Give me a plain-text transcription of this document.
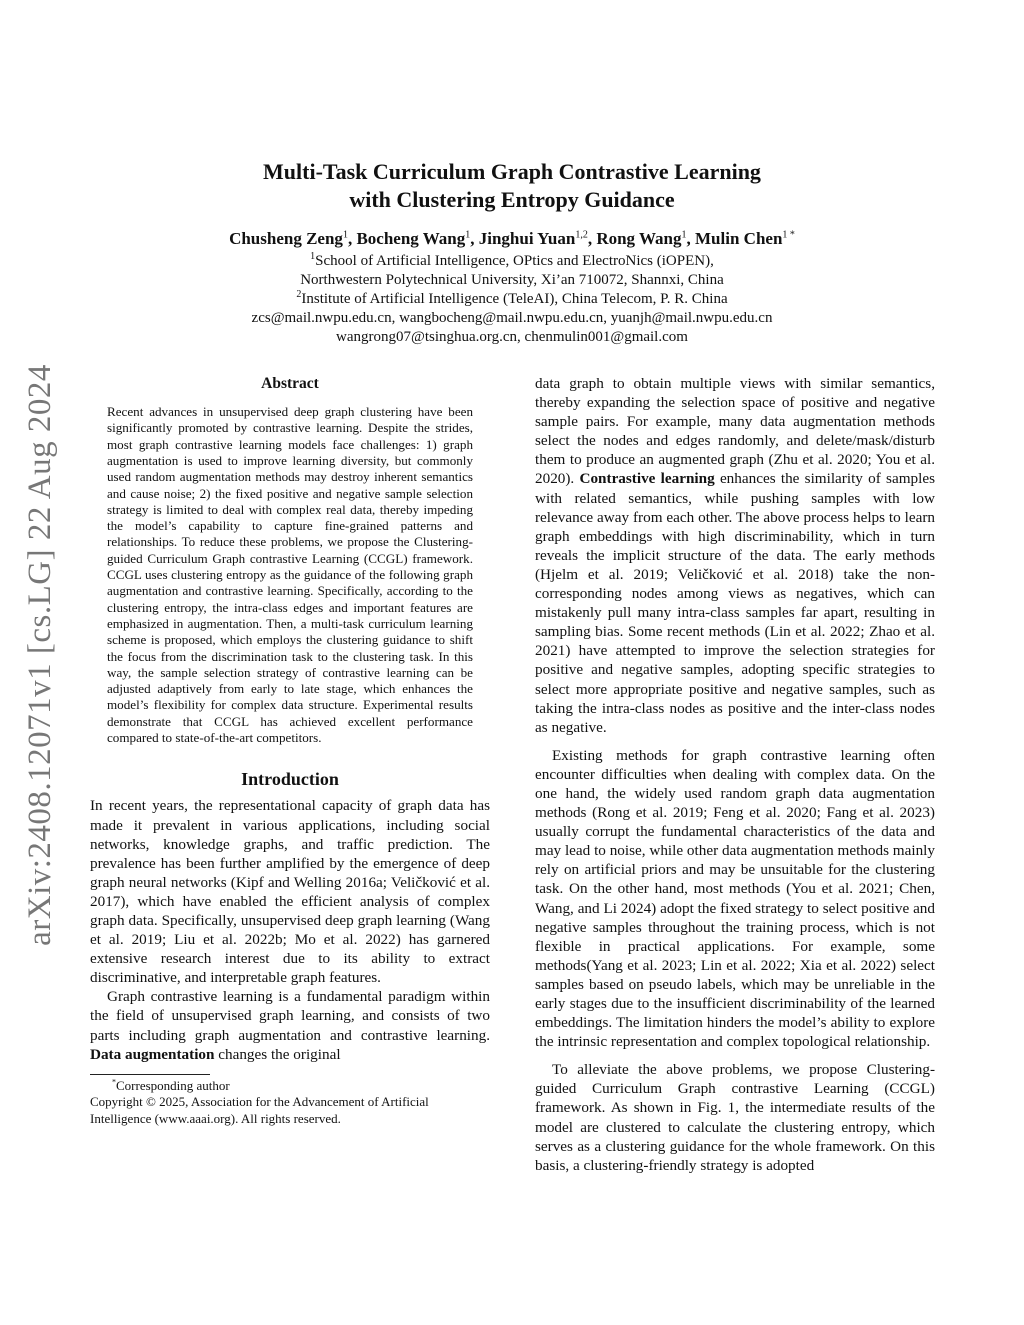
arXiv:2408.12071v1 [cs.LG] 22 Aug 2024
Multi-Task Curriculum Graph Contrastive Learning
with Clustering Entropy Guidance
Chusheng Zeng$^1$, Bocheng Wang$^1$, Jinghui Yuan$^{1,2}$, Rong Wang$^1$, Mulin Chen$^{1 *}$
$^1$School of Artificial Intelligence, OPtics and ElectroNics (iOPEN),
Northwestern Polytechnical University, Xi’an 710072, Shannxi, China
$^2$Institute of Artificial Intelligence (TeleAI), China Telecom, P. R. China
zcs@mail.nwpu.edu.cn, wangbocheng@mail.nwpu.edu.cn, yuanjh@mail.nwpu.edu.cn
wangrong07@tsinghua.org.cn, chenmulin001@gmail.com
Abstract
Recent advances in unsupervised deep graph clustering have been significantly promoted by contrastive learning. Despite the strides, most graph contrastive learning models face challenges: 1) graph augmentation is used to improve learning diversity, but commonly used random augmentation methods may destroy inherent semantics and cause noise; 2) the fixed positive and negative sample selection strategy is limited to deal with complex real data, thereby impeding the model’s capability to capture fine-grained patterns and relationships. To reduce these problems, we propose the Clustering-guided Curriculum Graph contrastive Learning (CCGL) framework. CCGL uses clustering entropy as the guidance of the following graph augmentation and contrastive learning. Specifically, according to the clustering entropy, the intra-class edges and important features are emphasized in augmentation. Then, a multi-task curriculum learning scheme is proposed, which employs the clustering guidance to shift the focus from the discrimination task to the clustering task. In this way, the sample selection strategy of contrastive learning can be adjusted adaptively from early to late stage, which enhances the model’s flexibility for complex data structure. Experimental results demonstrate that CCGL has achieved excellent performance compared to state-of-the-art competitors.
Introduction

In recent years, the representational capacity of graph data has made it prevalent in various applications, including social networks, knowledge graphs, and traffic prediction. The prevalence has been further amplified by the emergence of deep graph neural networks (Kipf and Welling 2016a; Veličković et al. 2017), which have enabled the efficient analysis of complex graph data. Specifically, unsupervised deep graph learning (Wang et al. 2019; Liu et al. 2022b; Mo et al. 2022) has garnered extensive research interest due to its ability to extract discriminative, and interpretable graph features.

Graph contrastive learning is a fundamental paradigm within the field of unsupervised graph learning, and consists of two parts including graph augmentation and contrastive learning. Data augmentation changes the original

*Corresponding author
Copyright © 2025, Association for the Advancement of Artificial Intelligence (www.aaai.org). All rights reserved.

data graph to obtain multiple views with similar semantics, thereby expanding the selection space of positive and negative sample pairs. For example, many data augmentation methods select the nodes and edges randomly, and delete/mask/disturb them to produce an augmented graph (Zhu et al. 2020; You et al. 2020). Contrastive learning enhances the similarity of samples with related semantics, while pushing samples with low relevance away from each other. The above process helps to learn graph embeddings with high discriminability, which in turn reveals the implicit structure of the data. The early methods (Hjelm et al. 2019; Veličković et al. 2018) take the non-corresponding nodes among views as negatives, which can mistakenly pull many intra-class samples far apart, resulting in sampling bias. Some recent methods (Lin et al. 2022; Zhao et al. 2021) have attempted to improve the selection strategies for positive and negative samples, adopting specific strategies to select more appropriate positive and negative samples, such as taking the intra-class nodes as positive and the inter-class nodes as negative.

Existing methods for graph contrastive learning often encounter difficulties when dealing with complex data. On the one hand, the widely used random graph data augmentation methods (Rong et al. 2019; Feng et al. 2020; Fang et al. 2023) usually corrupt the fundamental characteristics of the data and may lead to noise, while other data augmentation methods mainly rely on artificial priors and may be unsuitable for the clustering task. On the other hand, most methods (You et al. 2021; Chen, Wang, and Li 2024) adopt the fixed strategy to select positive and negative samples throughout the training process, which is not flexible in practical applications. For example, some methods(Yang et al. 2023; Lin et al. 2022; Xia et al. 2022) select samples based on pseudo labels, which may be unreliable in the early stages due to the insufficient discriminability of the learned embeddings. The limitation hinders the model’s ability to explore the intrinsic representation and complex topological relationship.

To alleviate the above problems, we propose Clustering-guided Curriculum Graph contrastive Learning (CCGL) framework. As shown in Fig. 1, the intermediate results of the model are clustered to calculate the clustering entropy, which serves as a clustering guidance for the whole framework. On this basis, a clustering-friendly strategy is adopted
